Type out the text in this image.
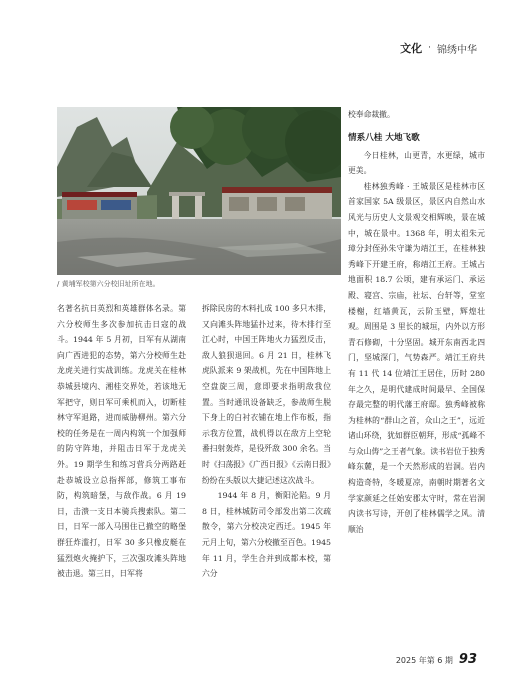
文化 · 锦绣中华
/ 黄埔军校第六分校旧址所在地。

名著名抗日英烈和英雄群体名录。第六分校师生多次参加抗击日寇的战斗。1944 年 5 月初，日军有从湖南向广西进犯的态势，第六分校师生赴龙虎关进行实战训练。龙虎关在桂林恭城县境内、湘桂交界处，若该地无军把守，则日军可乘机而入，切断桂林守军退路，进而威胁柳州。第六分校的任务是在一周内构筑一个加强师的防守阵地，并阻击日军于龙虎关外。19 期学生和练习营兵分两路赶赴恭城设立总指挥部，修筑工事布防，构筑暗堡，与敌作战。6 月 19 日，击溃一支日本骑兵搜索队。第二日，日军一部入马围住已撤空的略堡群狂炸滥打，日军 30 多只橡皮艇在猛烈炮火掩护下，三次强攻滩头阵地被击退。第三日，日军将

拆除民房的木料扎成 100 多只木排，又向滩头阵地猛扑过来，待木排行至江心时，中国王阵地火力猛烈反击，敌人狼狈退回。6 月 21 日，桂林飞虎队派来 9 架战机，先在中国阵地上空盘旋三周，意即要求指明敌我位置。当时通讯设备缺乏，参战师生脱下身上的白衬衣铺在地上作布板，指示我方位置，战机得以在敌方上空轮番扫射轰炸，是役歼敌 300 余名。当时《扫荡报》《广西日报》《云南日报》纷纷在头版以大捷记述这次战斗。

1944 年 8 月，衡阳沦陷。9 月 8 日，桂林城防司令部发出第二次疏散令，第六分校决定西迁。1945 年元月上旬，第六分校撤至百色。1945 年 11 月，学生合并到成都本校，第六分

校奉命裁撤。

情系八桂 大地飞歌

今日桂林，山更青，水更绿，城市更美。

桂林独秀峰 · 王城景区是桂林市区首家国家 5A 级景区，景区内自然山水风光与历史人文景观交相辉映，景在城中，城在景中。1368 年，明太祖朱元璋分封侄孙朱守谦为靖江王，在桂林独秀峰下开建王府，称靖江王府。王城占地面积 18.7 公顷，建有承运门、承运殿、寝宫、宗庙，社坛、台轩等，堂室楼榭，红墙黄瓦，云阶玉壁，辉煌壮观。周围是 3 里长的城垣，内外以方形青石修砌，十分坚固。城开东南西北四门，坚城深门，气势森严。靖江王府共有 11 代 14 位靖江王居住，历时 280 年之久，是明代建成时间最早、全国保存最完整的明代藩王府邸。独秀峰被称为桂林的“群山之首，众山之王”，远近诸山环绕，犹如群臣朝拜，形成“孤峰不与众山俦”之王者气象。读书岩位于独秀峰东麓，是一个天然形成的岩洞。岩内构造奇特，冬暖夏凉，南朝时期著名文学家颜延之任始安郡太守时，常在岩洞内读书写诗，开创了桂林儒学之风。清顺治

2025 年第 6 期 93
